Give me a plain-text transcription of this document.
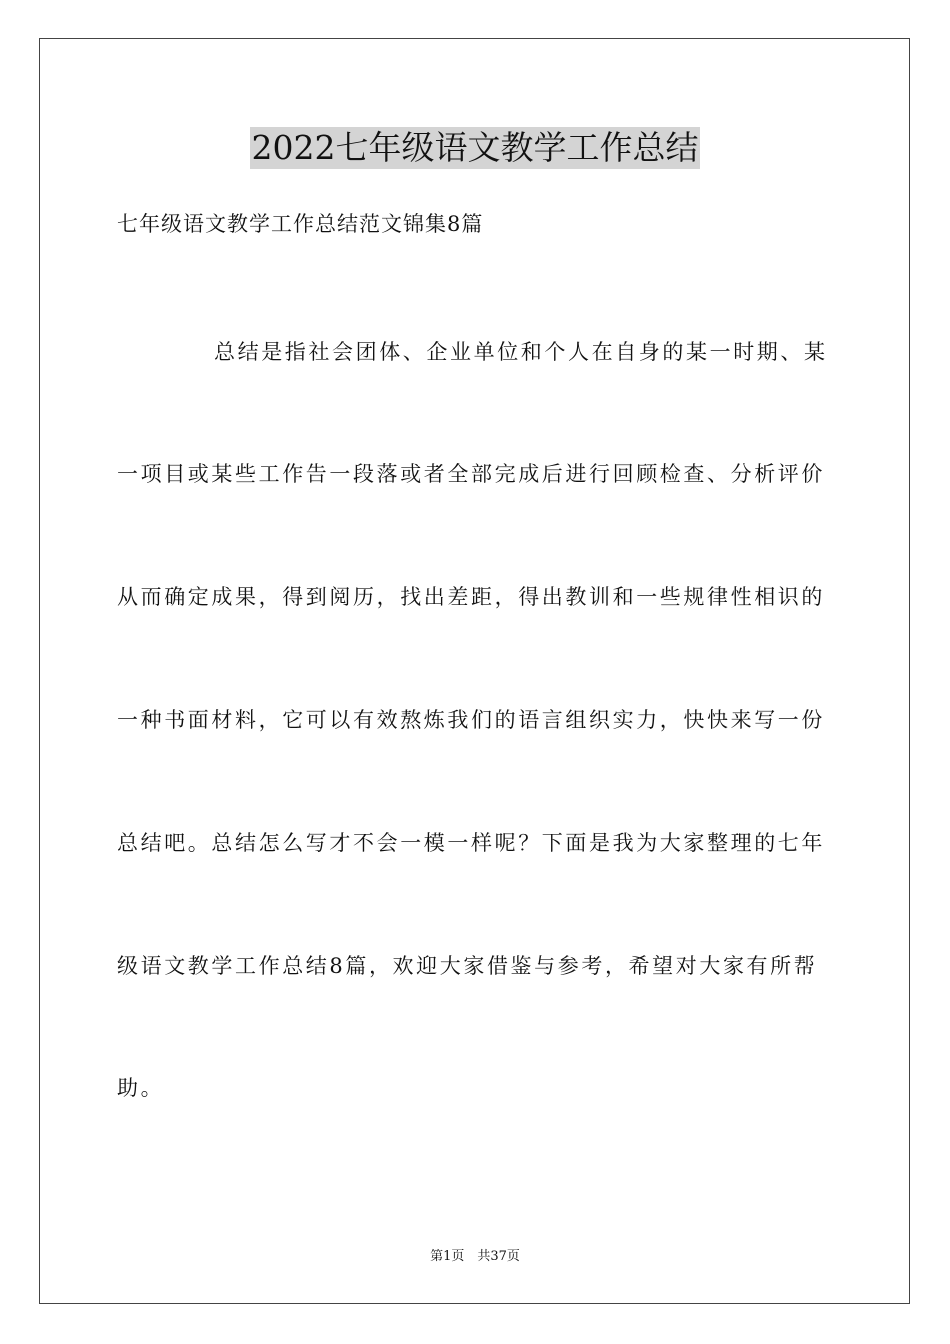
2022七年级语文教学工作总结
七年级语文教学工作总结范文锦集8篇
总结是指社会团体、企业单位和个人在自身的某一时期、某
一项目或某些工作告一段落或者全部完成后进行回顾检查、分析评价
从而确定成果，得到阅历，找出差距，得出教训和一些规律性相识的
一种书面材料，它可以有效熬炼我们的语言组织实力，快快来写一份
总结吧。总结怎么写才不会一模一样呢？下面是我为大家整理的七年
级语文教学工作总结8篇，欢迎大家借鉴与参考，希望对大家有所帮
助。
第1页　共37页
